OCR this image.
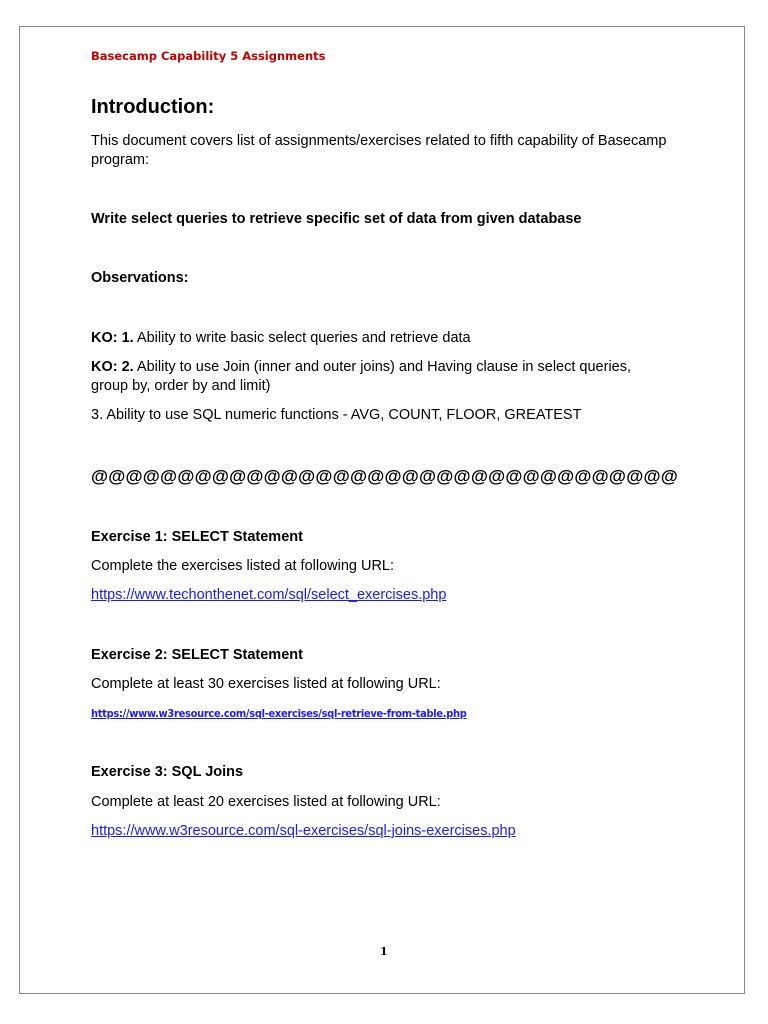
Basecamp Capability 5 Assignments
Introduction:
This document covers list of assignments/exercises related to fifth capability of Basecamp program:
Write select queries to retrieve specific set of data from given database
Observations:
KO: 1. Ability to write basic select queries and retrieve data
KO: 2. Ability to use Join (inner and outer joins) and Having clause in select queries, group by, order by and limit)
3. Ability to use SQL numeric functions - AVG, COUNT, FLOOR, GREATEST
@@@@@@@@@@@@@@@@@@@@@@@@@@@@@@@@@@
Exercise 1: SELECT Statement
Complete the exercises listed at following URL:
https://www.techonthenet.com/sql/select_exercises.php
Exercise 2: SELECT Statement
Complete at least 30 exercises listed at following URL:
https://www.w3resource.com/sql-exercises/sql-retrieve-from-table.php
Exercise 3: SQL Joins
Complete at least 20 exercises listed at following URL:
https://www.w3resource.com/sql-exercises/sql-joins-exercises.php
1
